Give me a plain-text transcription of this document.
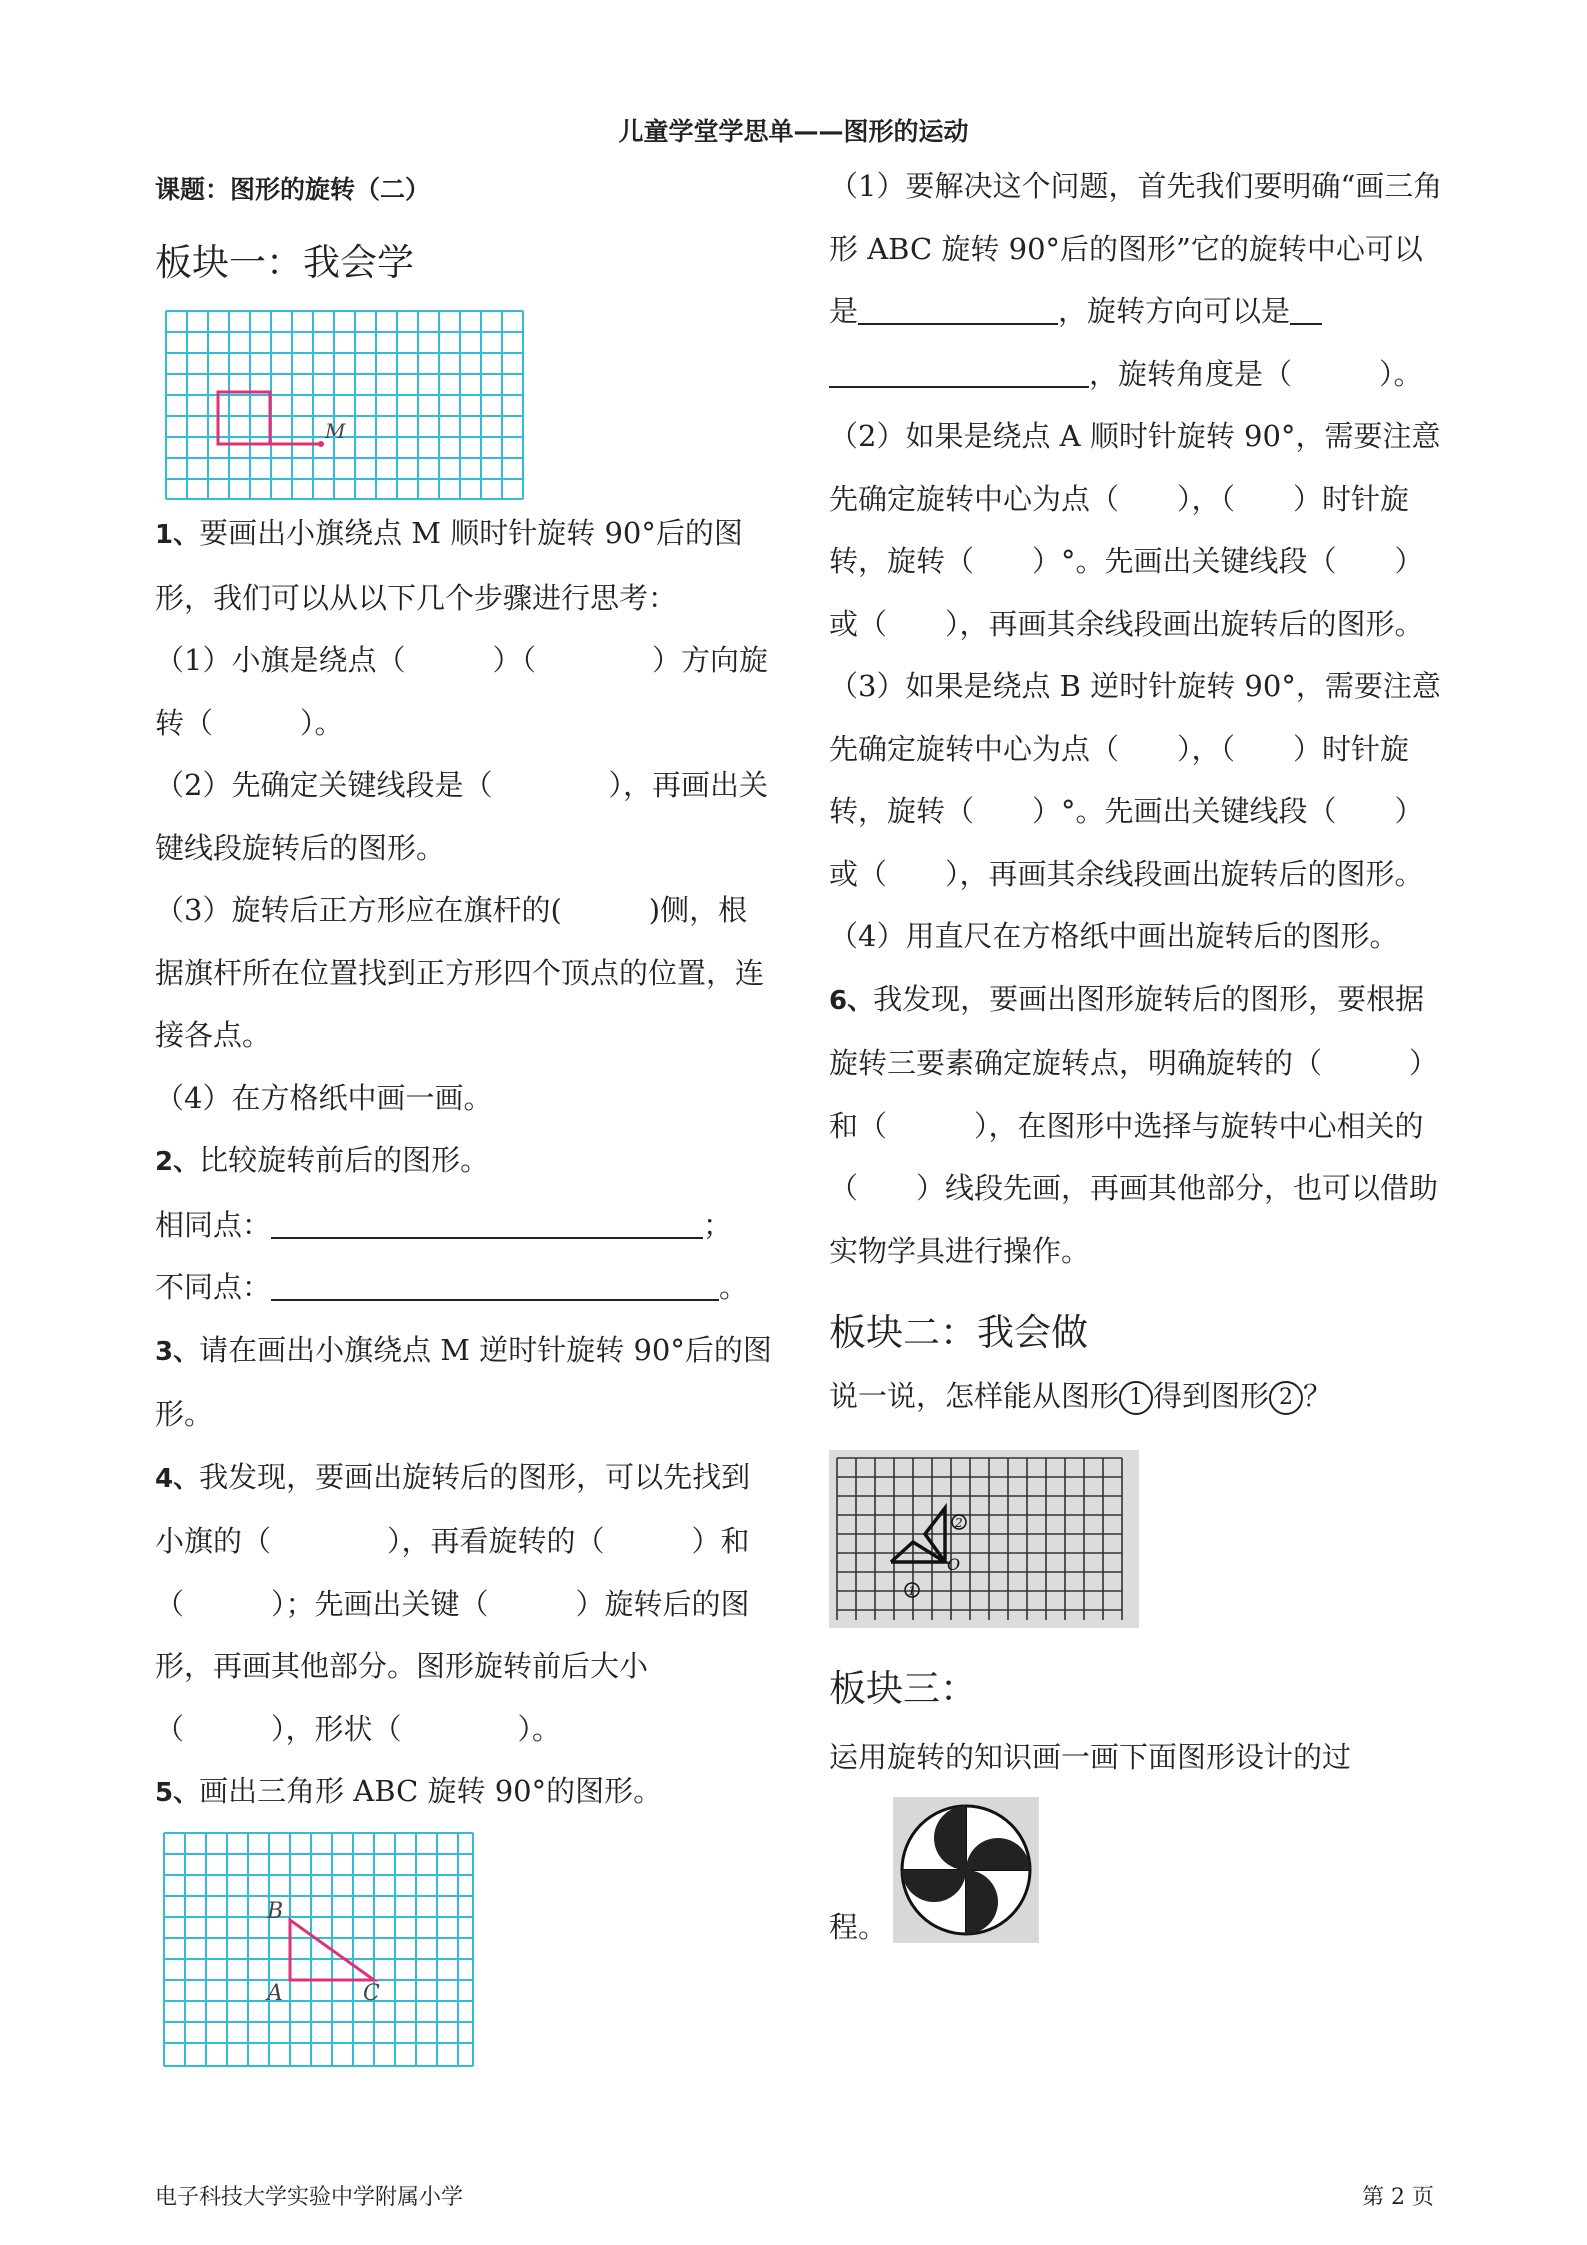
儿童学堂学思单——图形的运动
课题：图形的旋转（二）
板块一：我会学
M

1、要画出小旗绕点 M 顺时针旋转 90°后的图形，我们可以从以下几个步骤进行思考：

（1）小旗是绕点（　　　）（　　　　）方向旋转（　　　）。

（2）先确定关键线段是（　　　　），再画出关键线段旋转后的图形。

（3）旋转后正方形应在旗杆的(　　　)侧，根据旗杆所在位置找到正方形四个顶点的位置，连接各点。

（4）在方格纸中画一画。

2、比较旋转前后的图形。

相同点：	；

不同点：	。

3、请在画出小旗绕点 M 逆时针旋转 90°后的图形。

4、我发现，要画出旋转后的图形，可以先找到小旗的（　　　　），再看旋转的（　　　）和（　　　）；先画出关键（　　　）旋转后的图形，再画其他部分。图形旋转前后大小（　　　），形状（　　　　）。

5、画出三角形 ABC 旋转 90°的图形。

B
A	C

（1）要解决这个问题，首先我们要明确“画三角形 ABC 旋转 90°后的图形”它的旋转中心可以是	，旋转方向可以是
，旋转角度是（　　　）。

（2）如果是绕点 A 顺时针旋转 90°，需要注意先确定旋转中心为点（　　），（　　）时针旋转，旋转（　　）°。先画出关键线段（　　）或（　　），再画其余线段画出旋转后的图形。

（3）如果是绕点 B 逆时针旋转 90°，需要注意先确定旋转中心为点（　　），（　　）时针旋转，旋转（　　）°。先画出关键线段（　　）或（　　），再画其余线段画出旋转后的图形。

（4）用直尺在方格纸中画出旋转后的图形。

6、我发现，要画出图形旋转后的图形，要根据旋转三要素确定旋转点，明确旋转的（　　　）和（　　　），在图形中选择与旋转中心相关的（　　）线段先画，再画其他部分，也可以借助实物学具进行操作。

板块二：我会做
说一说，怎样能从图形 1 得到图形 2 ？
O
1
2
板块三：
运用旋转的知识画一画下面图形设计的过
程。
电子科技大学实验中学附属小学	第 2 页
